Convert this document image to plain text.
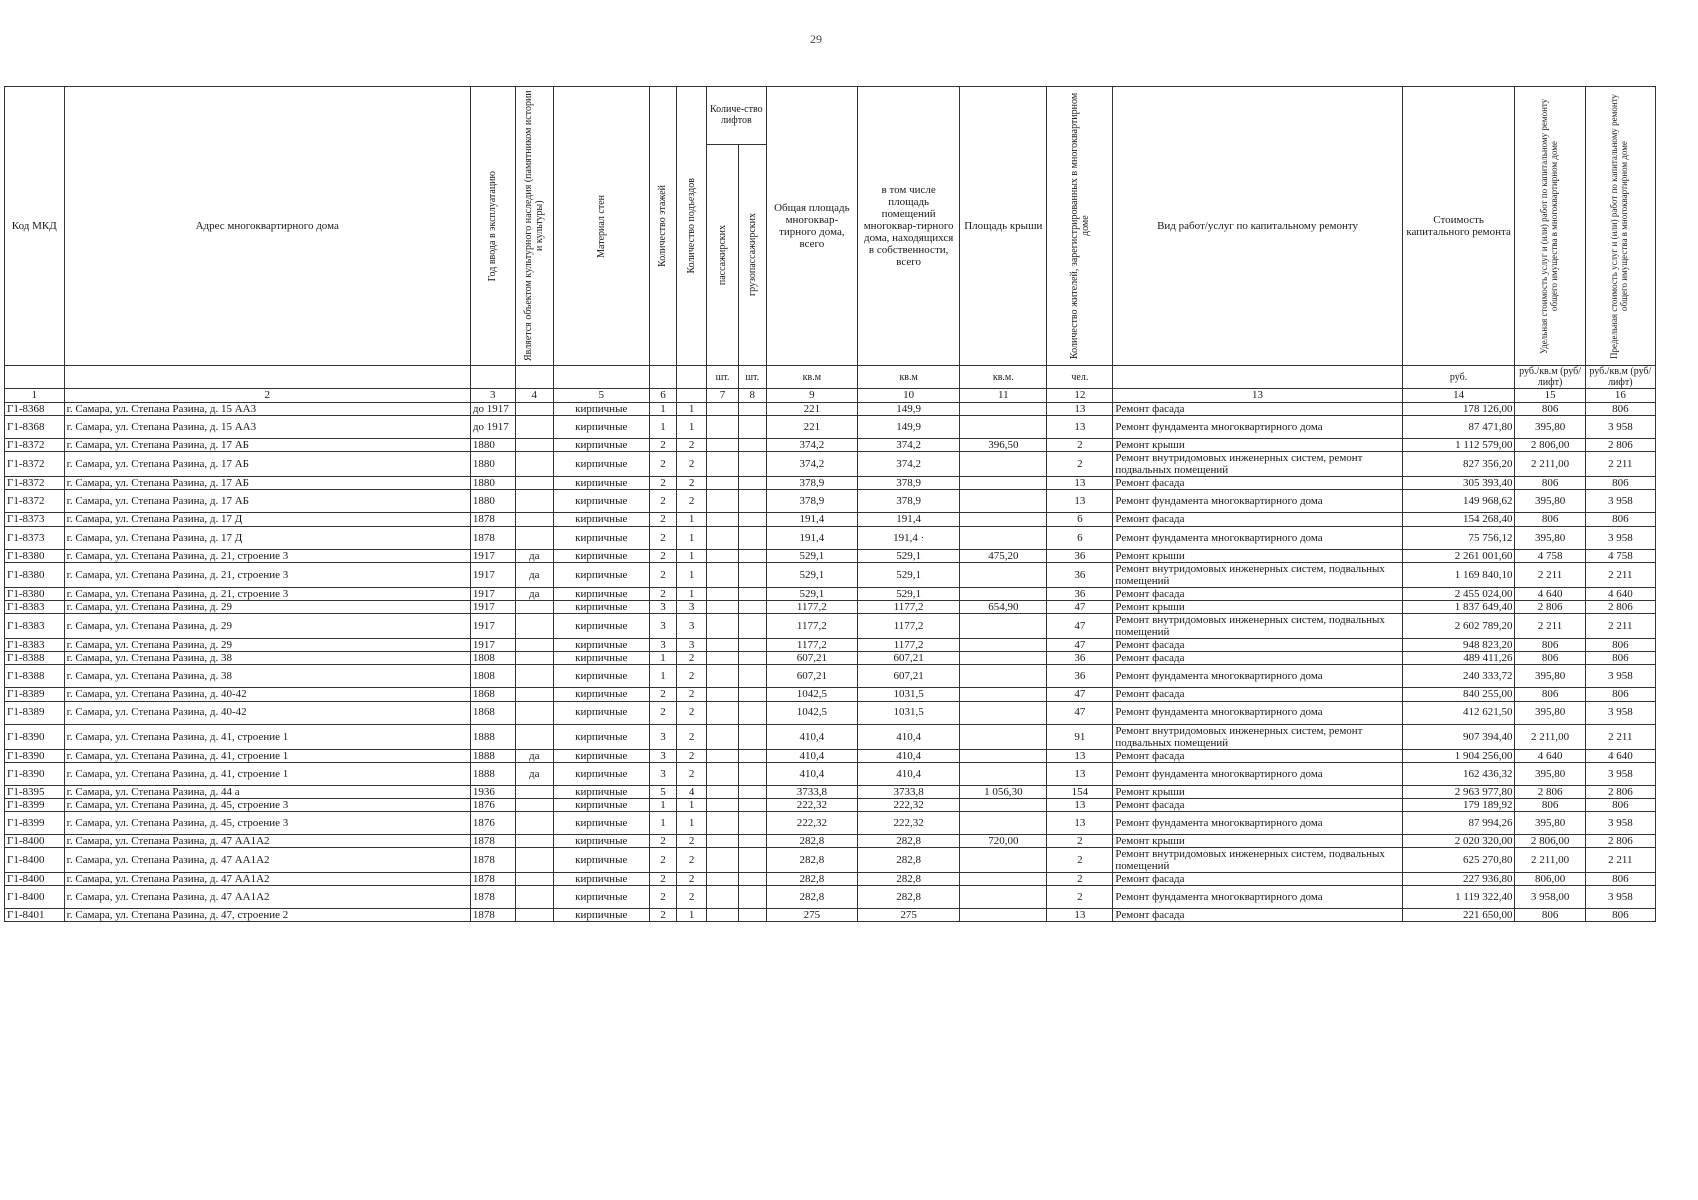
29
Код МКД	Адрес многоквартирного дома	Год ввода в эксплуатацию	Является объектом культурного наследия (памятником истории и культуры)	Материал стен	Количество этажей	Количество подъездов	Количе-ство лифтов		Общая площадь многоквар-тирного дома, всего	в том числе площадь помещений многоквар-тирного дома, находящихся в собственности, всего	Площадь крыши	Количество жителей, зарегистрированных в многоквартирном доме	Вид работ/услуг по капитальному ремонту	Стоимость капитального ремонта	Удельная стоимость услуг и (или) работ по капитальному ремонту общего имущества в многоквартирном доме	Предельная стоимость услуг и (или) работ по капитальному ремонту общего имущества в многоквартирном доме

							пассажирских	грузопассажирских								

							шт.	шт.	кв.м	кв.м	кв.м.	чел.		руб.	руб./кв.м (руб/лифт)	руб./кв.м (руб/лифт)
1	2	3	4	5	6		7	8	9	10	11	12	13	14	15	16
Г1-8368	г. Самара, ул. Степана Разина, д. 15 АА3	до 1917		кирпичные	1	1			221	149,9		13	Ремонт фасада	178 126,00	806	806
Г1-8368	г. Самара, ул. Степана Разина, д. 15 АА3	до 1917		кирпичные	1	1			221	149,9		13	Ремонт фундамента многоквартирного дома	87 471,80	395,80	3 958
Г1-8372	г. Самара, ул. Степана Разина, д. 17 АБ	1880		кирпичные	2	2			374,2	374,2	396,50	2	Ремонт крыши	1 112 579,00	2 806,00	2 806
Г1-8372	г. Самара, ул. Степана Разина, д. 17 АБ	1880		кирпичные	2	2			374,2	374,2		2	Ремонт внутридомовых инженерных систем, ремонт подвальных помещений	827 356,20	2 211,00	2 211
Г1-8372	г. Самара, ул. Степана Разина, д. 17 АБ	1880		кирпичные	2	2			378,9	378,9		13	Ремонт фасада	305 393,40	806	806
Г1-8372	г. Самара, ул. Степана Разина, д. 17 АБ	1880		кирпичные	2	2			378,9	378,9		13	Ремонт фундамента многоквартирного дома	149 968,62	395,80	3 958
Г1-8373	г. Самара, ул. Степана Разина, д. 17 Д	1878		кирпичные	2	1			191,4	191,4		6	Ремонт фасада	154 268,40	806	806
Г1-8373	г. Самара, ул. Степана Разина, д. 17 Д	1878		кирпичные	2	1			191,4	191,4 ·		6	Ремонт фундамента многоквартирного дома	75 756,12	395,80	3 958
Г1-8380	г. Самара, ул. Степана Разина, д. 21, строение 3	1917	да	кирпичные	2	1			529,1	529,1	475,20	36	Ремонт крыши	2 261 001,60	4 758	4 758
Г1-8380	г. Самара, ул. Степана Разина, д. 21, строение 3	1917	да	кирпичные	2	1			529,1	529,1		36	Ремонт внутридомовых инженерных систем, подвальных помещений	1 169 840,10	2 211	2 211
Г1-8380	г. Самара, ул. Степана Разина, д. 21, строение 3	1917	да	кирпичные	2	1			529,1	529,1		36	Ремонт фасада	2 455 024,00	4 640	4 640
Г1-8383	г. Самара, ул. Степана Разина, д. 29	1917		кирпичные	3	3			1177,2	1177,2	654,90	47	Ремонт крыши	1 837 649,40	2 806	2 806
Г1-8383	г. Самара, ул. Степана Разина, д. 29	1917		кирпичные	3	3			1177,2	1177,2		47	Ремонт внутридомовых инженерных систем, подвальных помещений	2 602 789,20	2 211	2 211
Г1-8383	г. Самара, ул. Степана Разина, д. 29	1917		кирпичные	3	3			1177,2	1177,2		47	Ремонт фасада	948 823,20	806	806
Г1-8388	г. Самара, ул. Степана Разина, д. 38	1808		кирпичные	1	2			607,21	607,21		36	Ремонт фасада	489 411,26	806	806
Г1-8388	г. Самара, ул. Степана Разина, д. 38	1808		кирпичные	1	2			607,21	607,21		36	Ремонт фундамента многоквартирного дома	240 333,72	395,80	3 958
Г1-8389	г. Самара, ул. Степана Разина, д. 40-42	1868		кирпичные	2	2			1042,5	1031,5		47	Ремонт фасада	840 255,00	806	806
Г1-8389	г. Самара, ул. Степана Разина, д. 40-42	1868		кирпичные	2	2			1042,5	1031,5		47	Ремонт фундамента многоквартирного дома	412 621,50	395,80	3 958
Г1-8390	г. Самара, ул. Степана Разина, д. 41, строение 1	1888		кирпичные	3	2			410,4	410,4		91	Ремонт внутридомовых инженерных систем, ремонт подвальных помещений	907 394,40	2 211,00	2 211
Г1-8390	г. Самара, ул. Степана Разина, д. 41, строение 1	1888	да	кирпичные	3	2			410,4	410,4		13	Ремонт фасада	1 904 256,00	4 640	4 640
Г1-8390	г. Самара, ул. Степана Разина, д. 41, строение 1	1888	да	кирпичные	3	2			410,4	410,4		13	Ремонт фундамента многоквартирного дома	162 436,32	395,80	3 958
Г1-8395	г. Самара, ул. Степана Разина, д. 44 а	1936		кирпичные	5	4			3733,8	3733,8	1 056,30	154	Ремонт крыши	2 963 977,80	2 806	2 806
Г1-8399	г. Самара, ул. Степана Разина, д. 45, строение 3	1876		кирпичные	1	1			222,32	222,32		13	Ремонт фасада	179 189,92	806	806
Г1-8399	г. Самара, ул. Степана Разина, д. 45, строение 3	1876		кирпичные	1	1			222,32	222,32		13	Ремонт фундамента многоквартирного дома	87 994,26	395,80	3 958
Г1-8400	г. Самара, ул. Степана Разина, д. 47 АА1А2	1878		кирпичные	2	2			282,8	282,8	720,00	2	Ремонт крыши	2 020 320,00	2 806,00	2 806
Г1-8400	г. Самара, ул. Степана Разина, д. 47 АА1А2	1878		кирпичные	2	2			282,8	282,8		2	Ремонт внутридомовых инженерных систем, подвальных помещений	625 270,80	2 211,00	2 211
Г1-8400	г. Самара, ул. Степана Разина, д. 47 АА1А2	1878		кирпичные	2	2			282,8	282,8		2	Ремонт фасада	227 936,80	806,00	806
Г1-8400	г. Самара, ул. Степана Разина, д. 47 АА1А2	1878		кирпичные	2	2			282,8	282,8		2	Ремонт фундамента многоквартирного дома	1 119 322,40	3 958,00	3 958
Г1-8401	г. Самара, ул. Степана Разина, д. 47, строение 2	1878		кирпичные	2	1			275	275		13	Ремонт фасада	221 650,00	806	806
